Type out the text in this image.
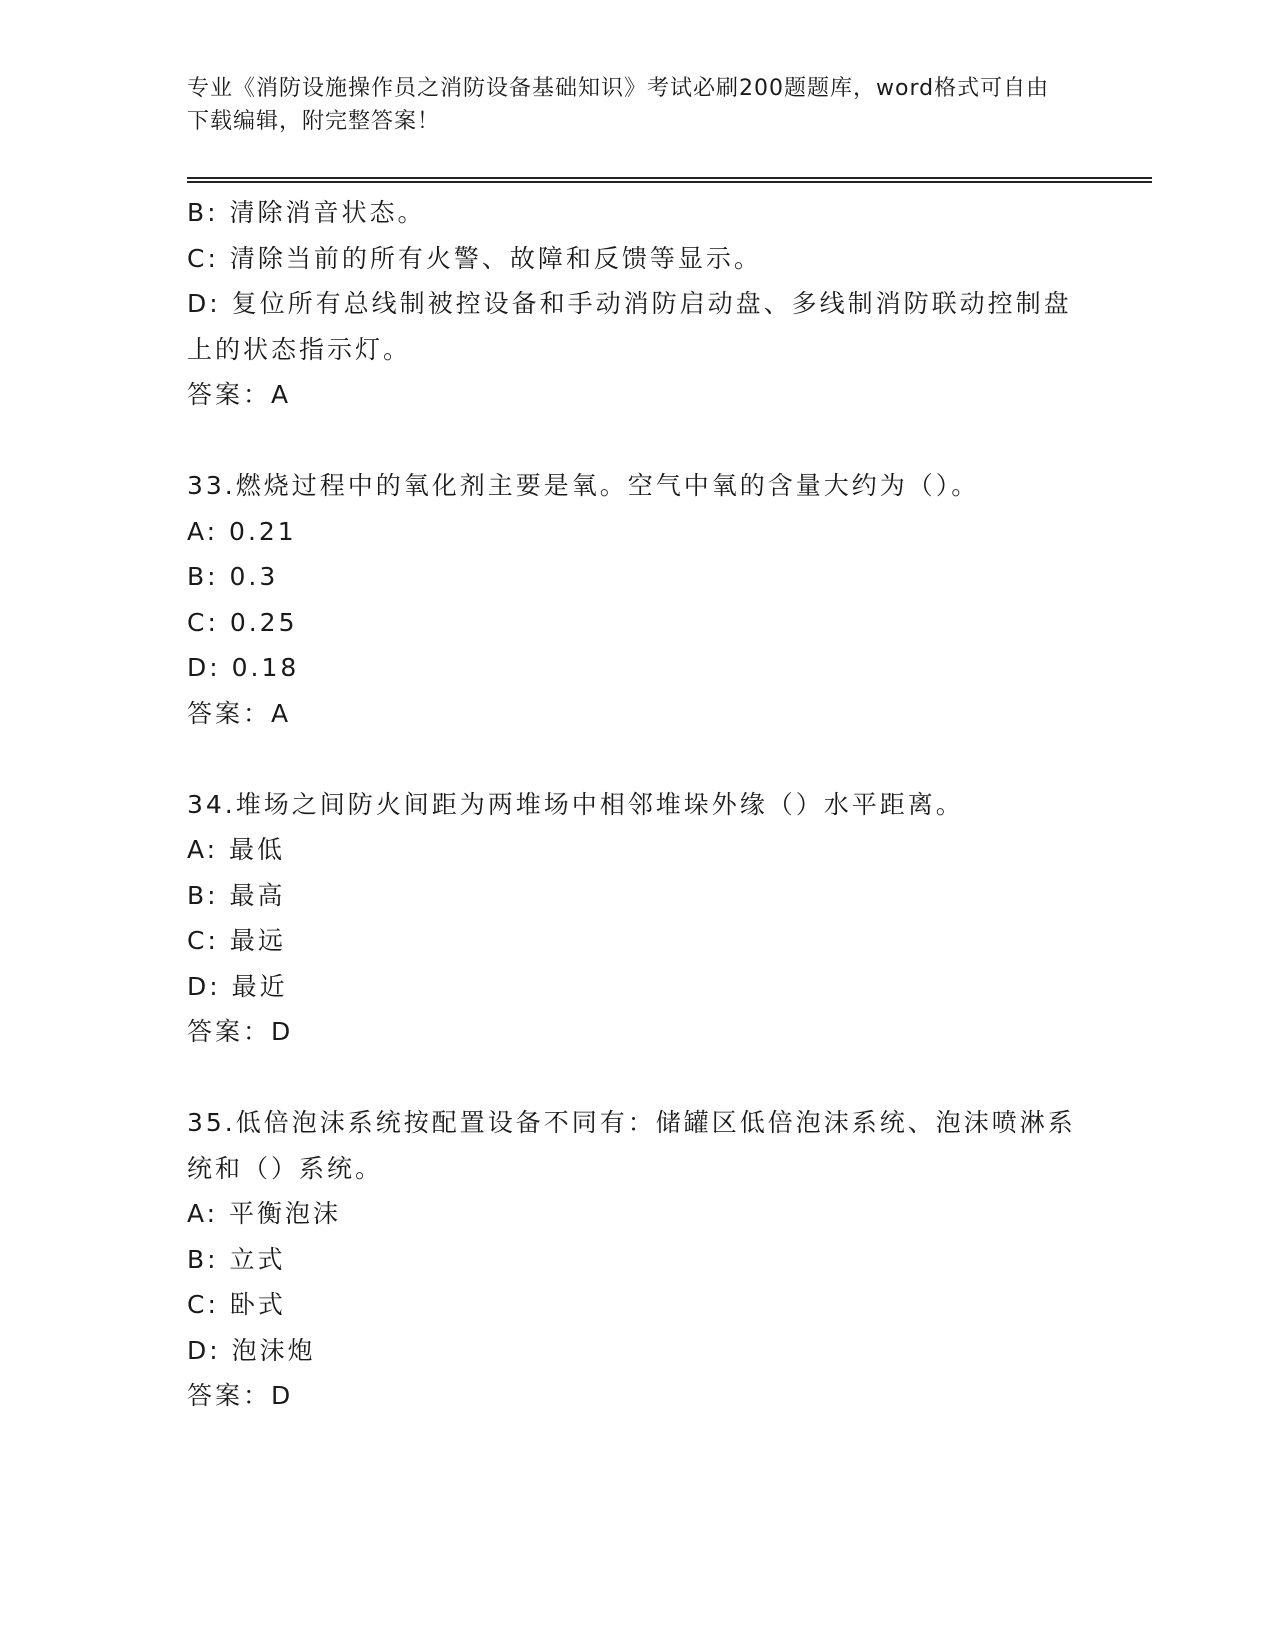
专业《消防设施操作员之消防设备基础知识》考试必刷200题题库，word格式可自由下载编辑，附完整答案！
B: 清除消音状态。
C: 清除当前的所有火警、故障和反馈等显示。
D: 复位所有总线制被控设备和手动消防启动盘、多线制消防联动控制盘上的状态指示灯。
答案：A
33.燃烧过程中的氧化剂主要是氧。空气中氧的含量大约为（）。
A: 0.21
B: 0.3
C: 0.25
D: 0.18
答案：A
34.堆场之间防火间距为两堆场中相邻堆垛外缘（）水平距离。
A: 最低
B: 最高
C: 最远
D: 最近
答案：D
35.低倍泡沫系统按配置设备不同有：储罐区低倍泡沫系统、泡沫喷淋系统和（）系统。
A: 平衡泡沫
B: 立式
C: 卧式
D: 泡沫炮
答案：D
